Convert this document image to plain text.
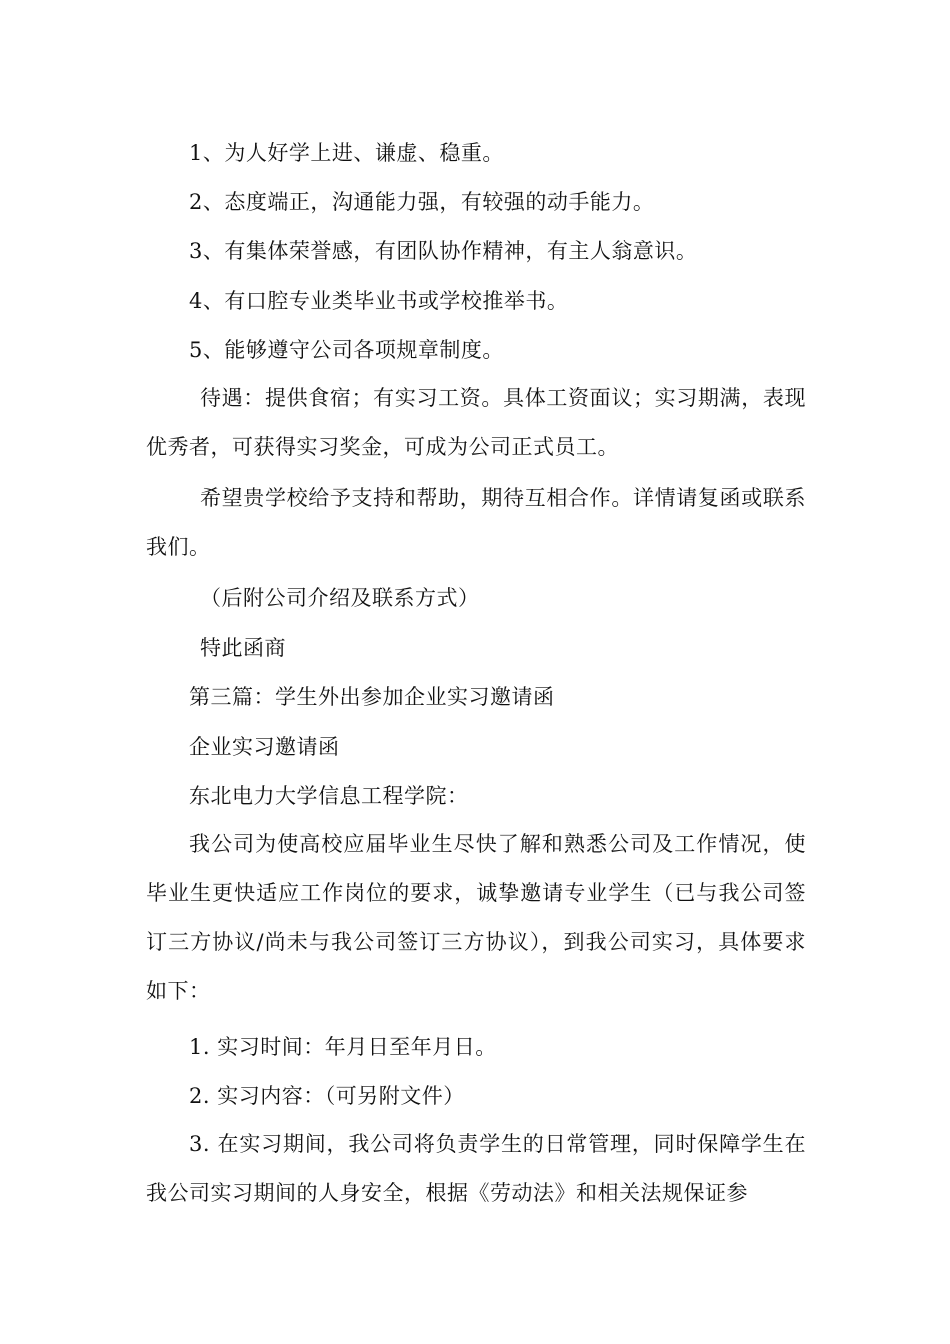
1、为人好学上进、谦虚、稳重。
2、态度端正，沟通能力强，有较强的动手能力。
3、有集体荣誉感，有团队协作精神，有主人翁意识。
4、有口腔专业类毕业书或学校推举书。
5、能够遵守公司各项规章制度。
待遇：提供食宿；有实习工资。具体工资面议；实习期满，表现优秀者，可获得实习奖金，可成为公司正式员工。
希望贵学校给予支持和帮助，期待互相合作。详情请复函或联系我们。
（后附公司介绍及联系方式）
特此函商
第三篇：学生外出参加企业实习邀请函
企业实习邀请函
东北电力大学信息工程学院：
我公司为使高校应届毕业生尽快了解和熟悉公司及工作情况，使毕业生更快适应工作岗位的要求，诚挚邀请专业学生（已与我公司签订三方协议/尚未与我公司签订三方协议），到我公司实习，具体要求如下：
1. 实习时间：年月日至年月日。
2. 实习内容：（可另附文件）
3. 在实习期间，我公司将负责学生的日常管理，同时保障学生在我公司实习期间的人身安全，根据《劳动法》和相关法规保证参
